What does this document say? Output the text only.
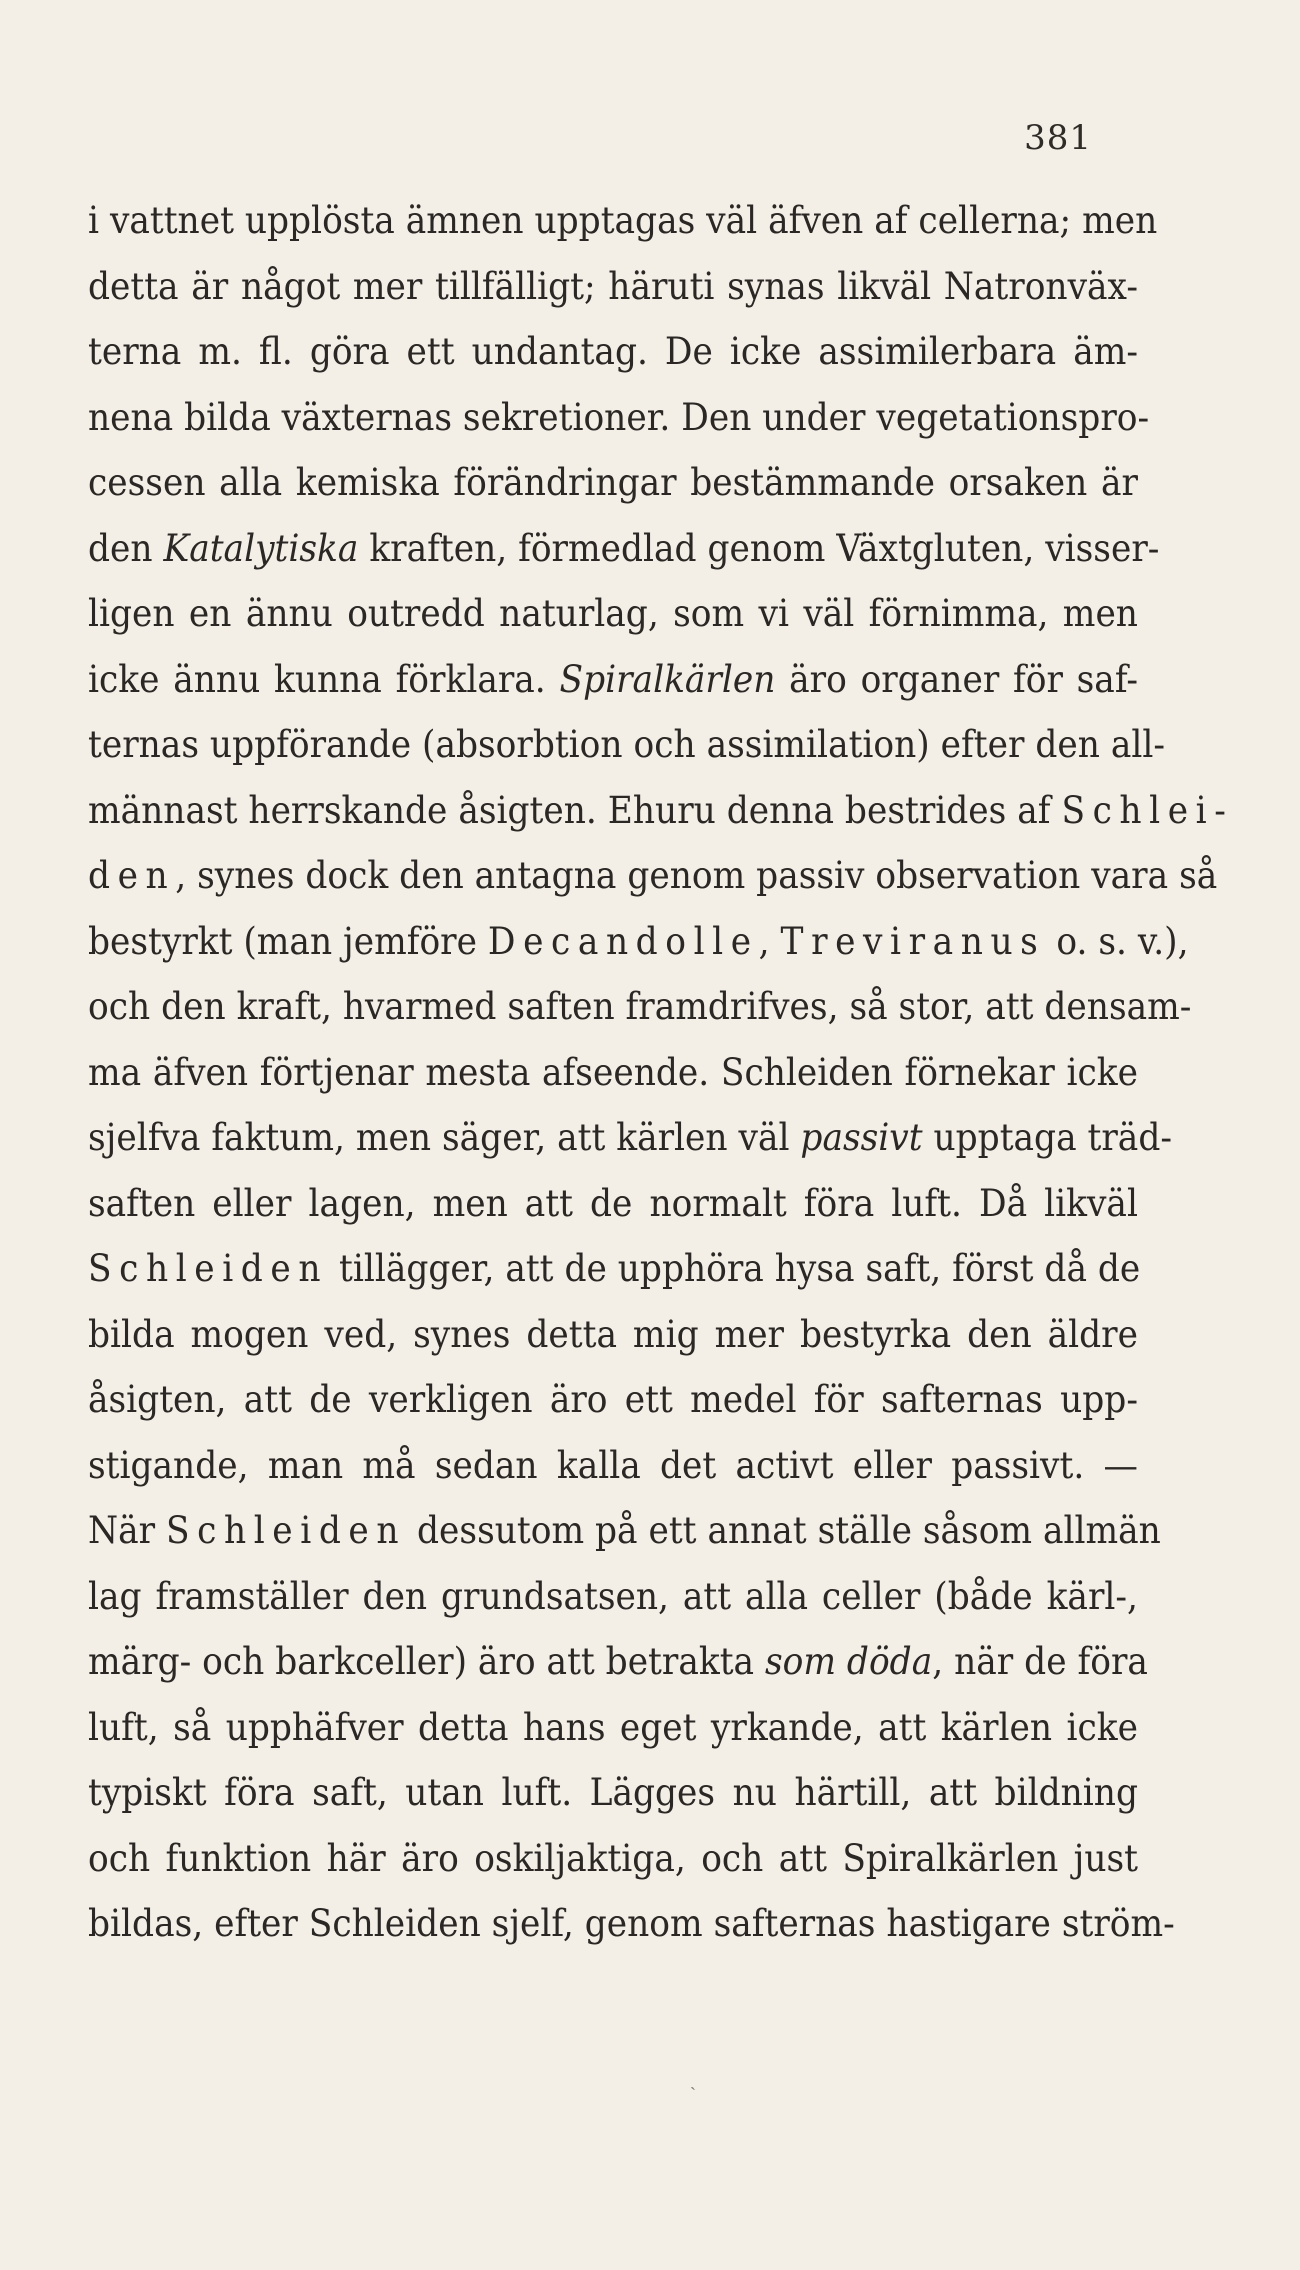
381
i vattnet upplösta ämnen upptagas väl äfven af cellerna; men
detta är något mer tillfälligt; häruti synas likväl Natronväx-
terna m. fl. göra ett undantag. De icke assimilerbara äm-
nena bilda växternas sekretioner. Den under vegetationspro-
cessen alla kemiska förändringar bestämmande orsaken är
den Katalytiska kraften, förmedlad genom Växtgluten, visser-
ligen en ännu outredd naturlag, som vi väl förnimma, men
icke ännu kunna förklara. Spiralkärlen äro organer för saf-
ternas uppförande (absorbtion och assimilation) efter den all-
männast herrskande åsigten. Ehuru denna bestrides af Schlei-
den, synes dock den antagna genom passiv observation vara så
bestyrkt (man jemföre Decandolle, Treviranus o. s. v.),
och den kraft, hvarmed saften framdrifves, så stor, att densam-
ma äfven förtjenar mesta afseende. Schleiden förnekar icke
sjelfva faktum, men säger, att kärlen väl passivt upptaga träd-
saften eller lagen, men att de normalt föra luft. Då likväl
Schleiden tillägger, att de upphöra hysa saft, först då de
bilda mogen ved, synes detta mig mer bestyrka den äldre
åsigten, att de verkligen äro ett medel för safternas upp-
stigande, man må sedan kalla det activt eller passivt. —
När Schleiden dessutom på ett annat ställe såsom allmän
lag framställer den grundsatsen, att alla celler (både kärl-,
märg- och barkceller) äro att betrakta som döda, när de föra
luft, så upphäfver detta hans eget yrkande, att kärlen icke
typiskt föra saft, utan luft. Lägges nu härtill, att bildning
och funktion här äro oskiljaktiga, och att Spiralkärlen just
bildas, efter Schleiden sjelf, genom safternas hastigare ström-
ˏ
